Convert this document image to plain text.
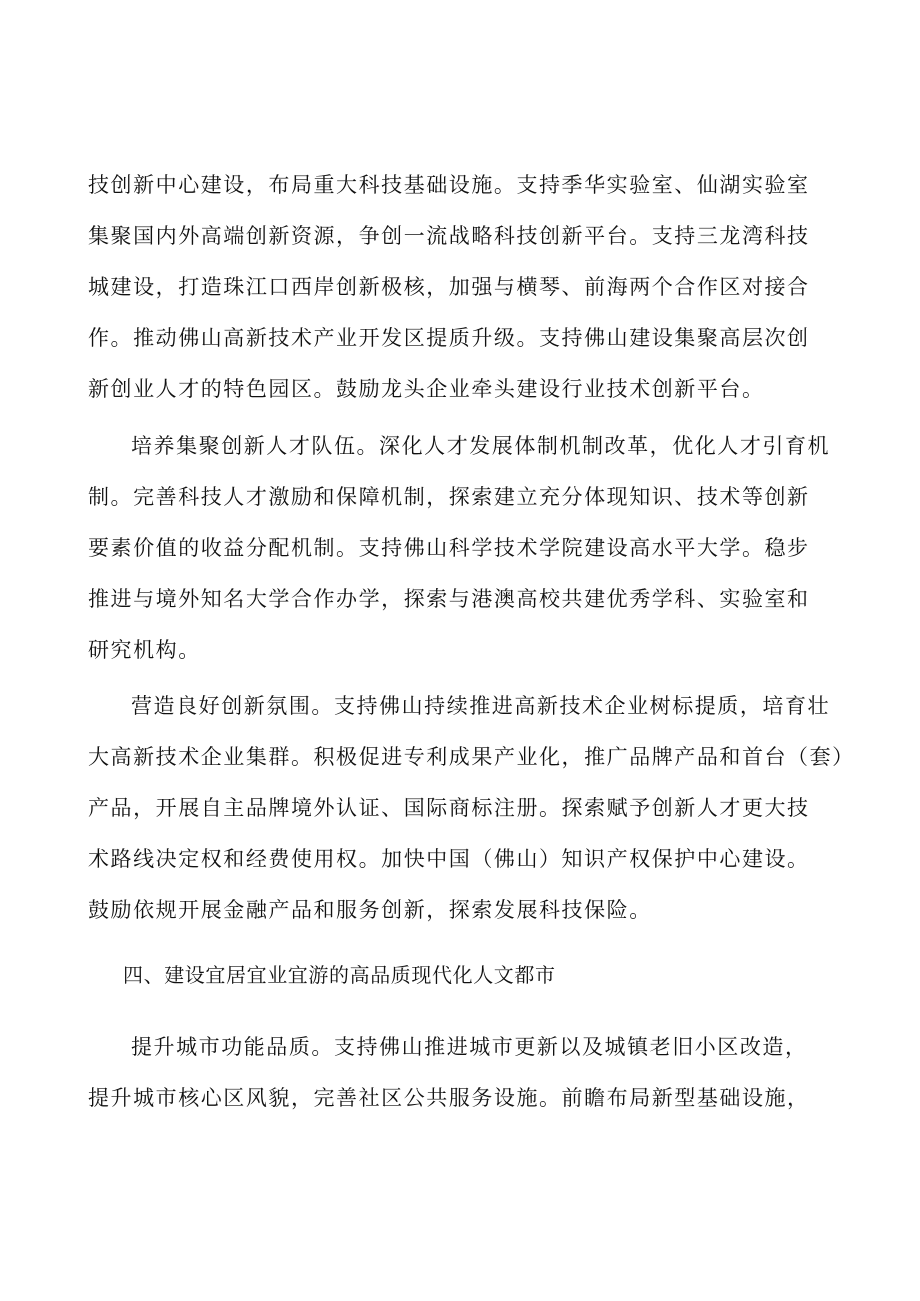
技创新中心建设，布局重大科技基础设施。支持季华实验室、仙湖实验室
集聚国内外高端创新资源，争创一流战略科技创新平台。支持三龙湾科技
城建设，打造珠江口西岸创新极核，加强与横琴、前海两个合作区对接合
作。推动佛山高新技术产业开发区提质升级。支持佛山建设集聚高层次创
新创业人才的特色园区。鼓励龙头企业牵头建设行业技术创新平台。
培养集聚创新人才队伍。深化人才发展体制机制改革，优化人才引育机
制。完善科技人才激励和保障机制，探索建立充分体现知识、技术等创新
要素价值的收益分配机制。支持佛山科学技术学院建设高水平大学。稳步
推进与境外知名大学合作办学，探索与港澳高校共建优秀学科、实验室和
研究机构。
营造良好创新氛围。支持佛山持续推进高新技术企业树标提质，培育壮
大高新技术企业集群。积极促进专利成果产业化，推广品牌产品和首台（套）
产品，开展自主品牌境外认证、国际商标注册。探索赋予创新人才更大技
术路线决定权和经费使用权。加快中国（佛山）知识产权保护中心建设。
鼓励依规开展金融产品和服务创新，探索发展科技保险。
四、建设宜居宜业宜游的高品质现代化人文都市
提升城市功能品质。支持佛山推进城市更新以及城镇老旧小区改造，
提升城市核心区风貌，完善社区公共服务设施。前瞻布局新型基础设施，
